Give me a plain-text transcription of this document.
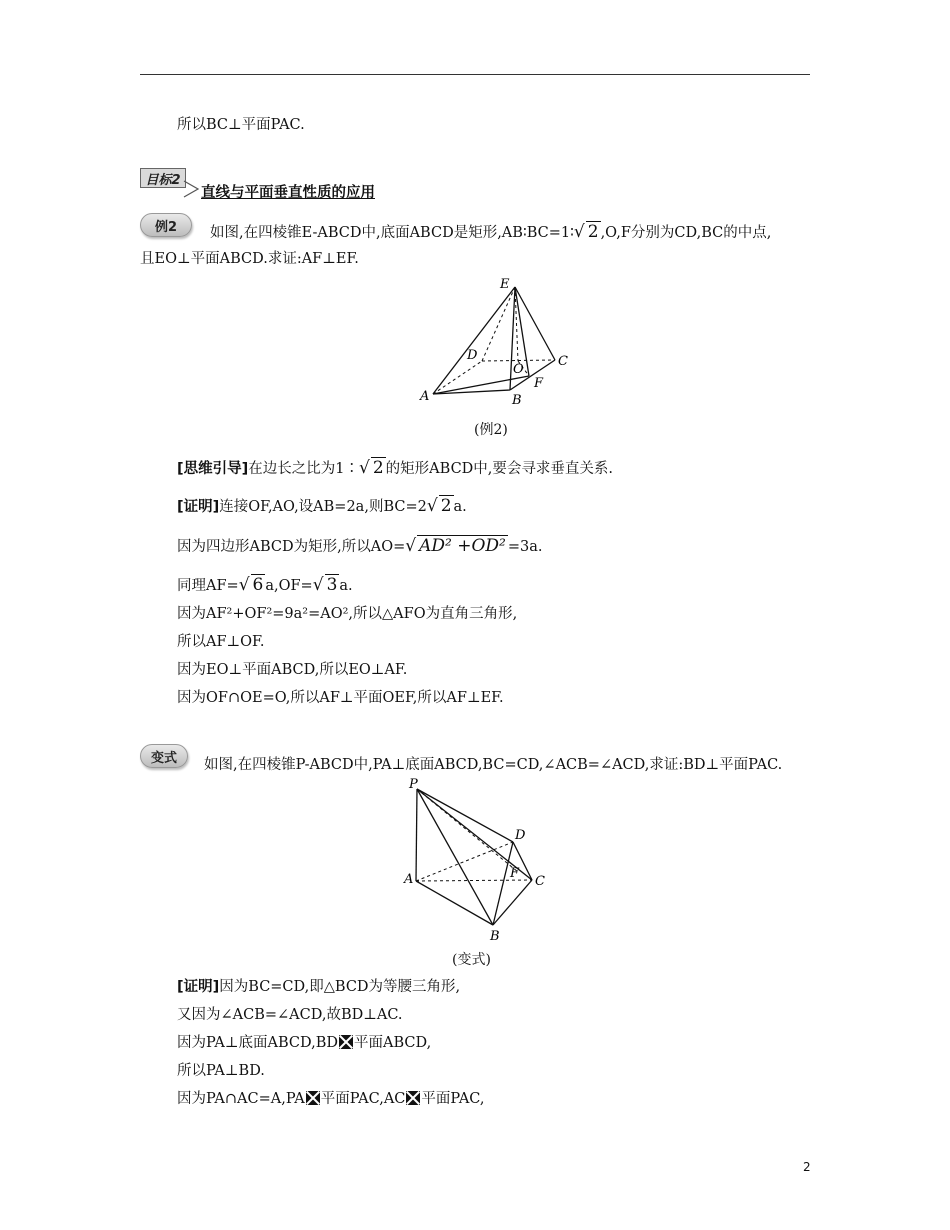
所以BC⊥平面PAC.
目标2
直线与平面垂直性质的应用
例2	如图,在四棱锥E-ABCD中,底面ABCD是矩形,AB∶BC=1∶√ 2 ,O,F分别为CD,BC的中点,
且EO⊥平面ABCD.求证:AF⊥EF.
E
D	C
O
F
A	B
(例2)
[思维引导]在边长之比为1∶√ 2 的矩形ABCD中,要会寻求垂直关系.
[证明]连接OF,AO,设AB=2a,则BC=2√ 2 a.
因为四边形ABCD为矩形,所以AO=√ AD² +OD² =3a.
同理AF=√ 6 a,OF=√ 3 a.
因为AF²+OF²=9a²=AO²,所以△AFO为直角三角形,
所以AF⊥OF.
因为EO⊥平面ABCD,所以EO⊥AF.
因为OF∩OE=O,所以AF⊥平面OEF,所以AF⊥EF.
变式	如图,在四棱锥P-ABCD中,PA⊥底面ABCD,BC=CD,∠ACB=∠ACD,求证:BD⊥平面PAC.
P
D
A	F
C
B
(变式)
[证明]因为BC=CD,即△BCD为等腰三角形,
又因为∠ACB=∠ACD,故BD⊥AC.
因为PA⊥底面ABCD,BD 平面ABCD,
所以PA⊥BD.
因为PA∩AC=A,PA 平面PAC,AC 平面PAC,
2
